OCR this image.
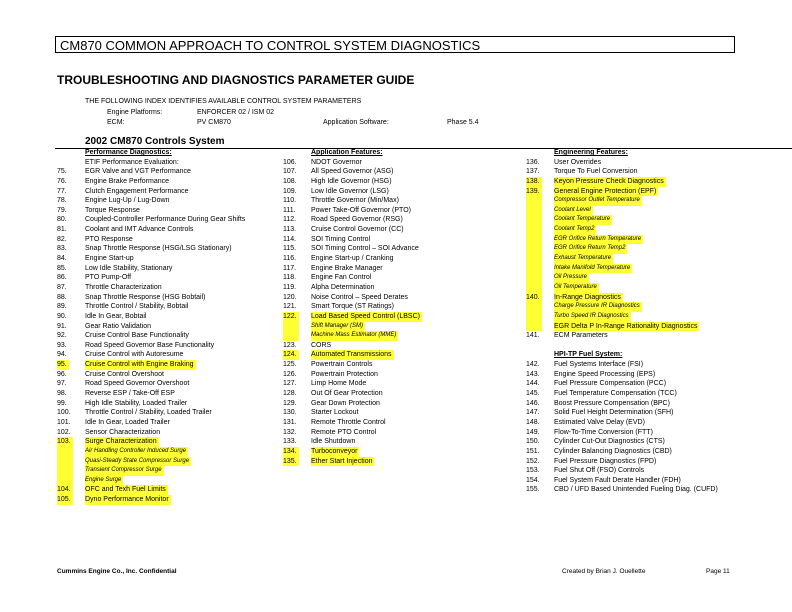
CM870 COMMON APPROACH TO CONTROL SYSTEM DIAGNOSTICS
TROUBLESHOOTING AND DIAGNOSTICS PARAMETER GUIDE
THE FOLLOWING INDEX IDENTIFIES AVAILABLE CONTROL SYSTEM PARAMETERS
Engine Platforms:	ENFORCER 02 / ISM 02
ECM:	PV CM870	Application Software:	Phase 5.4
2002 CM870 Controls System
Performance Diagnostics:
ETIF Performance Evaluation:
75.	EGR Valve and VGT Performance
76.	Engine Brake Performance
77.	Clutch Engagement Performance
78.	Engine Lug-Up / Lug-Down
79.	Torque Response
80.	Coupled-Controller Performance During Gear Shifts
81.	Coolant and IMT Advance Controls
82.	PTO Response
83.	Snap Throttle Response (HSG/LSG Stationary)
84.	Engine Start-up
85.	Low Idle Stability, Stationary
86.	PTO Pump-Off
87.	Throttle Characterization
88.	Snap Throttle Response (HSG Bobtail)
89.	Throttle Control / Stability, Bobtail
90.	Idle In Gear, Bobtail
91.	Gear Ratio Validation
92.	Cruise Control Base Functionality
93.	Road Speed Governor Base Functionality
94.	Cruise Control with Autoresume
95.	Cruise Control with Engine Braking
96.	Cruise Control Overshoot
97.	Road Speed Governor Overshoot
98.	Reverse ESP / Take-Off ESP
99.	High Idle Stability, Loaded Trailer
100. Throttle Control / Stability, Loaded Trailer
101. Idle In Gear, Loaded Trailer
102. Sensor Characterization
103. Surge Characterization
Air Handling Controller Induced Surge
Quasi-Steady State Compressor Surge
Transient Compressor Surge
Engine Surge
104. OFC and Texh Fuel Limits
105. Dyno Performance Monitor
Application Features:
106. NDOT Governor
107. All Speed Governor (ASG)
108. High Idle Governor (HSG)
109. Low Idle Governor (LSG)
110. Throttle Governor (Min/Max)
111. Power Take-Off Governor (PTO)
112. Road Speed Governor (RSG)
113. Cruise Control Governor (CC)
114. SOI Timing Control
115. SOI Timing Control – SOI Advance
116. Engine Start-up / Cranking
117. Engine Brake Manager
118. Engine Fan Control
119. Alpha Determination
120. Noise Control – Speed Derates
121. Smart Torque (ST Ratings)
122. Load Based Speed Control (LBSC)
Shift Manager (SM)
Machine Mass Estimator (MME)
123. CORS
124. Automated Transmissions
125. Powertrain Controls
126. Powertrain Protection
127. Limp Home Mode
128. Out Of Gear Protection
129. Gear Down Protection
130. Starter Lockout
131. Remote Throttle Control
132. Remote PTO Control
133. Idle Shutdown
134. Turboconveyor
135. Ether Start Injection
Engineering Features:
136. User Overrides
137. Torque To Fuel Conversion
138. Keyon Pressure Check Diagnostics
139. General Engine Protection (EPF)
Compressor Outlet Temperature
Coolant Level
Coolant Temperature
Coolant Temp2
EGR Orifice Return Temperature
EGR Orifice Return Temp2
Exhaust Temperature
Intake Manifold Temperature
Oil Pressure
Oil Temperature
140. In-Range Diagnostics
Charge Pressure IR Diagnostics
Turbo Speed IR Diagnostics
EGR Delta P In-Range Rationality Diagnostics
141. ECM Parameters
HPI-TP Fuel System:
142. Fuel Systems Interface (FSI)
143. Engine Speed Processing (EPS)
144. Fuel Pressure Compensation (PCC)
145. Fuel Temperature Compensation (TCC)
146. Boost Pressure Compensation (BPC)
147. Solid Fuel Height Determination (SFH)
148. Estimated Valve Delay (EVD)
149. Flow-To-Time Conversion (FTT)
150. Cylinder Cut-Out Diagnostics (CTS)
151. Cylinder Balancing Diagnostics (CBD)
152. Fuel Pressure Diagnostics (FPD)
153. Fuel Shut Off (FSO) Controls
154. Fuel System Fault Derate Handler (FDH)
155. CBD / UFD Based Unintended Fueling Diag. (CUFD)
Cummins Engine Co., Inc. Confidential	Created by Brian J. Ouellette	Page 11
